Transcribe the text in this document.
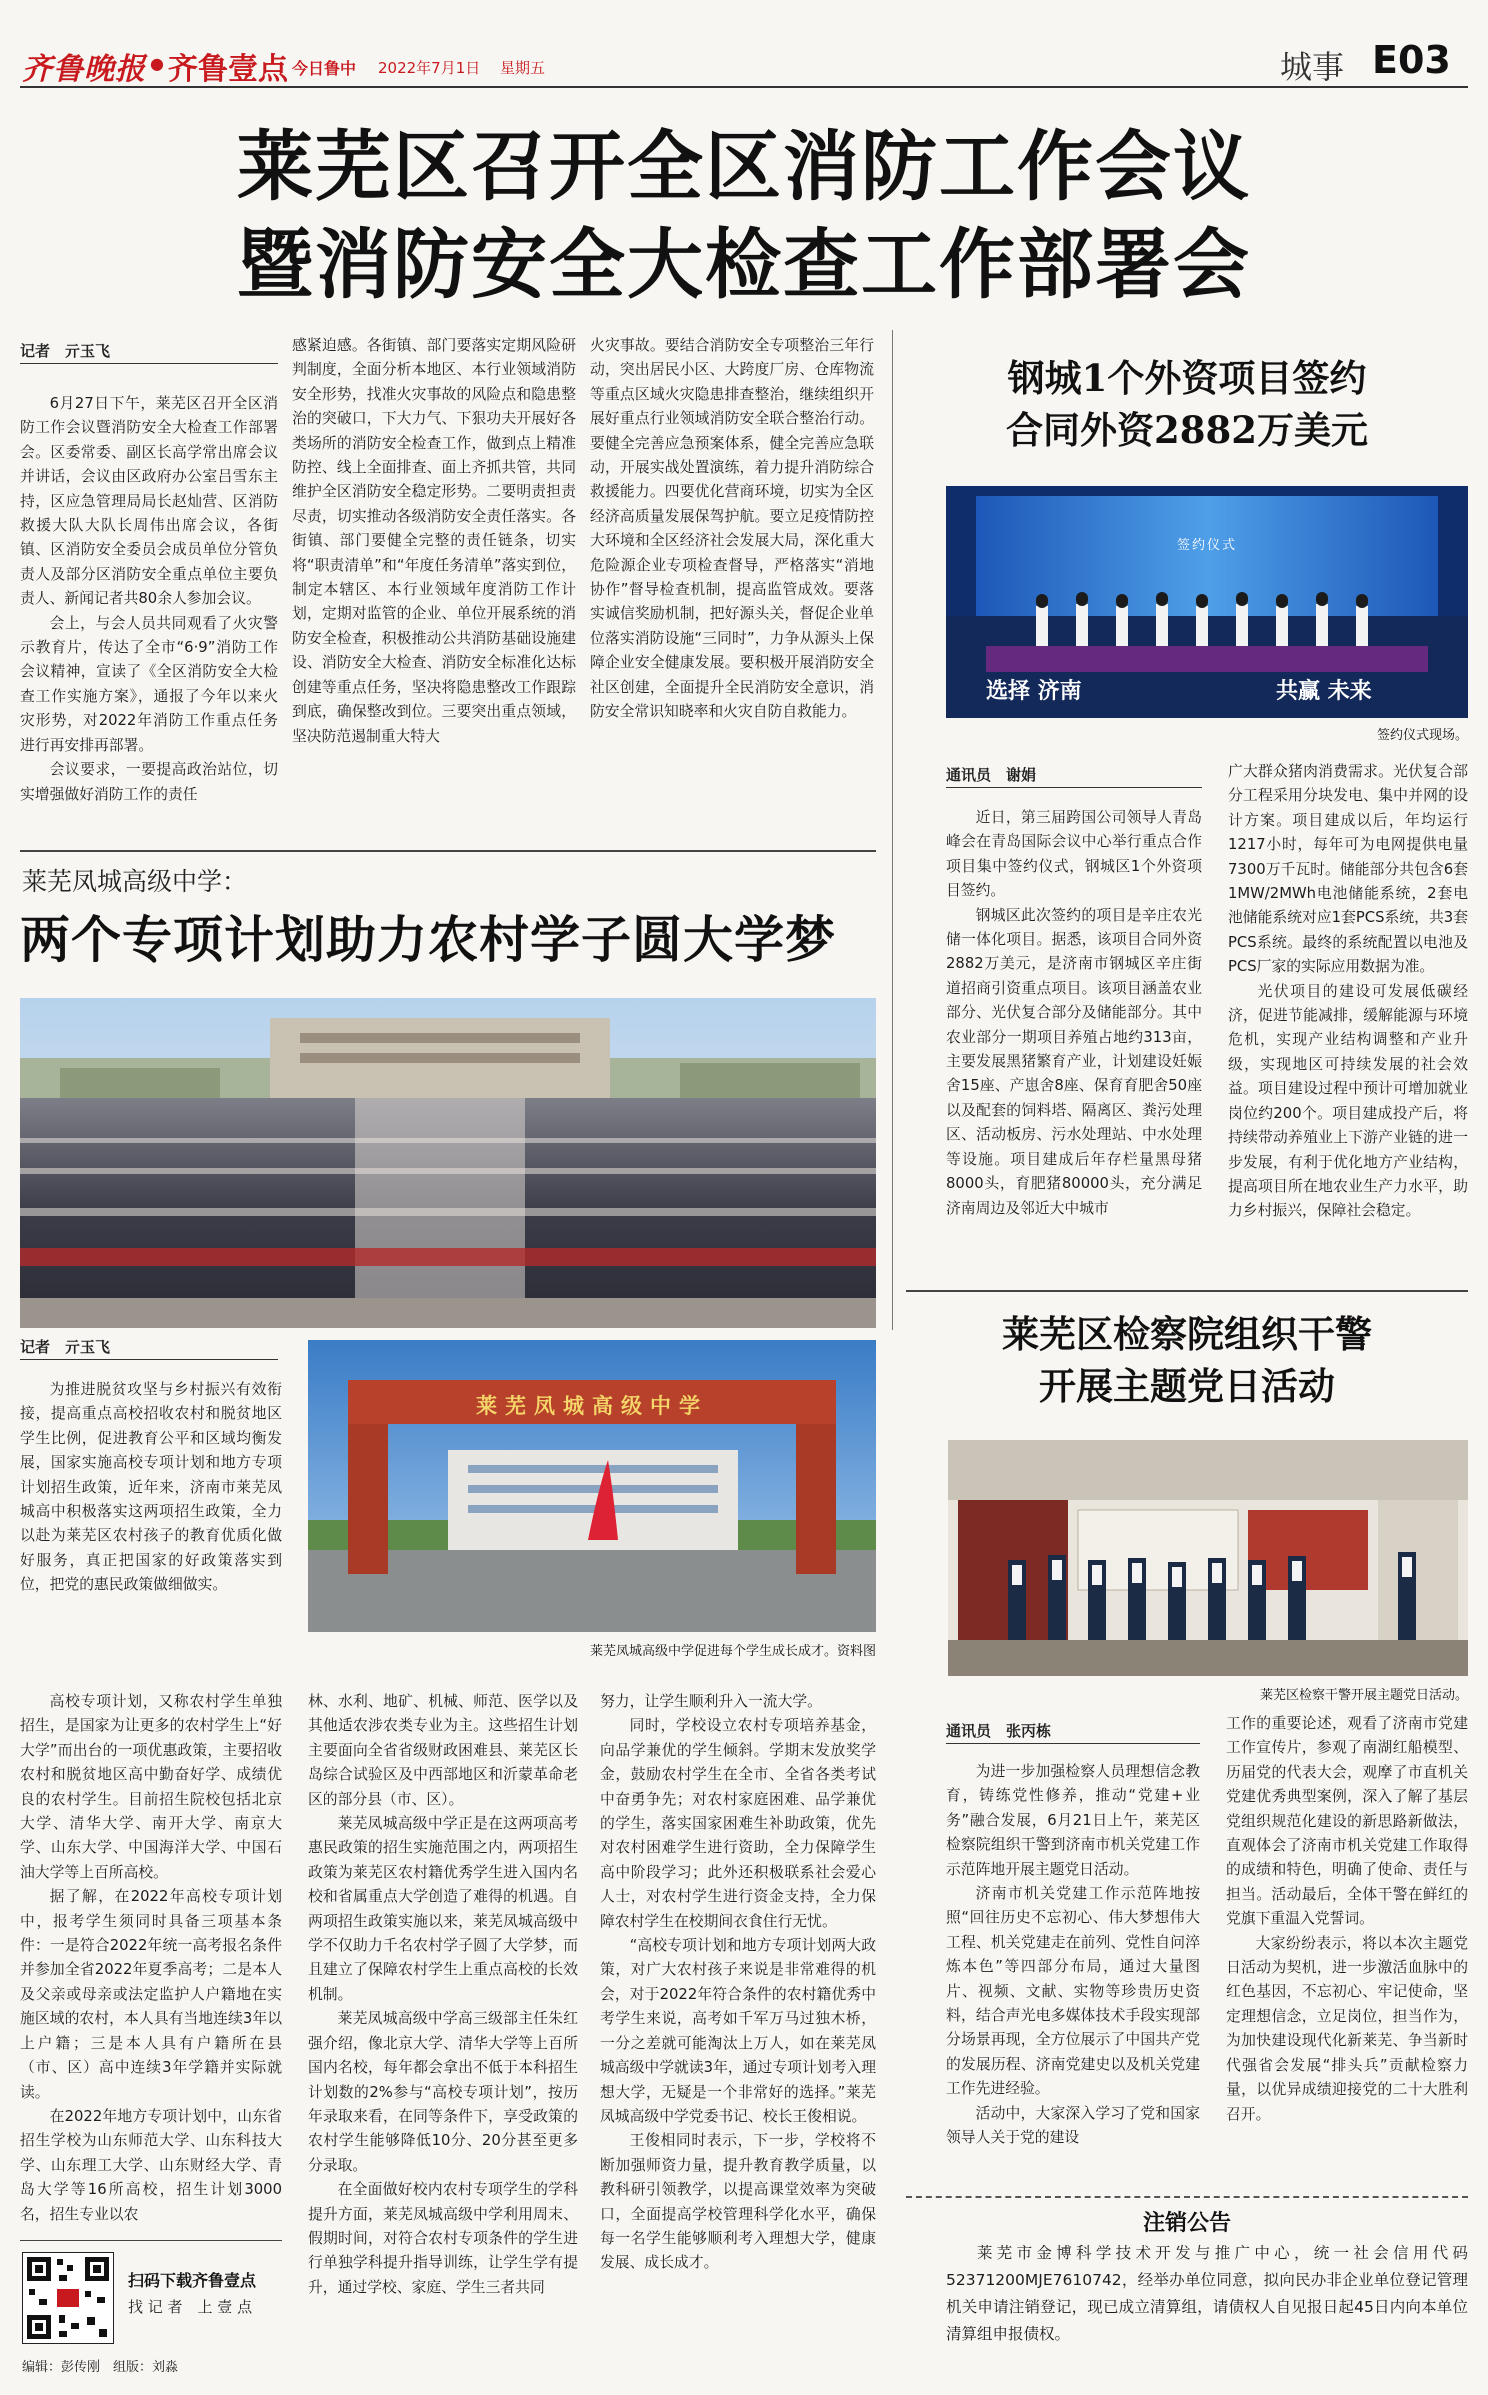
齐鲁晚报 ● 齐鲁壹点 今日鲁中 2022年7月1日 星期五	城事 E03
莱芜区召开全区消防工作会议
暨消防安全大检查工作部署会
记者　亓玉飞

6月27日下午，莱芜区召开全区消防工作会议暨消防安全大检查工作部署会。区委常委、副区长高学常出席会议并讲话，会议由区政府办公室吕雪东主持，区应急管理局局长赵灿营、区消防救援大队大队长周伟出席会议，各街镇、区消防安全委员会成员单位分管负责人及部分区消防安全重点单位主要负责人、新闻记者共80余人参加会议。

会上，与会人员共同观看了火灾警示教育片，传达了全市“6·9”消防工作会议精神，宣读了《全区消防安全大检查工作实施方案》，通报了今年以来火灾形势，对2022年消防工作重点任务进行再安排再部署。

会议要求，一要提高政治站位，切实增强做好消防工作的责任

感紧迫感。各街镇、部门要落实定期风险研判制度，全面分析本地区、本行业领域消防安全形势，找准火灾事故的风险点和隐患整治的突破口，下大力气、下狠功夫开展好各类场所的消防安全检查工作，做到点上精准防控、线上全面排查、面上齐抓共管，共同维护全区消防安全稳定形势。二要明责担责尽责，切实推动各级消防安全责任落实。各街镇、部门要健全完整的责任链条，切实将“职责清单”和“年度任务清单”落实到位，制定本辖区、本行业领域年度消防工作计划，定期对监管的企业、单位开展系统的消防安全检查，积极推动公共消防基础设施建设、消防安全大检查、消防安全标准化达标创建等重点任务，坚决将隐患整改工作跟踪到底，确保整改到位。三要突出重点领域，坚决防范遏制重大特大

火灾事故。要结合消防安全专项整治三年行动，突出居民小区、大跨度厂房、仓库物流等重点区域火灾隐患排查整治，继续组织开展好重点行业领域消防安全联合整治行动。要健全完善应急预案体系，健全完善应急联动，开展实战处置演练，着力提升消防综合救援能力。四要优化营商环境，切实为全区经济高质量发展保驾护航。要立足疫情防控大环境和全区经济社会发展大局，深化重大危险源企业专项检查督导，严格落实“消地协作”督导检查机制，提高监管成效。要落实诚信奖励机制，把好源头关，督促企业单位落实消防设施“三同时”，力争从源头上保障企业安全健康发展。要积极开展消防安全社区创建，全面提升全民消防安全意识，消防安全常识知晓率和火灾自防自救能力。

莱芜凤城高级中学：
两个专项计划助力农村学子圆大学梦
记者　亓玉飞
莱芜凤城高级中学
莱芜凤城高级中学促进每个学生成长成才。资料图

为推进脱贫攻坚与乡村振兴有效衔接，提高重点高校招收农村和脱贫地区学生比例，促进教育公平和区域均衡发展，国家实施高校专项计划和地方专项计划招生政策，近年来，济南市莱芜凤城高中积极落实这两项招生政策，全力以赴为莱芜区农村孩子的教育优质化做好服务，真正把国家的好政策落实到位，把党的惠民政策做细做实。

高校专项计划，又称农村学生单独招生，是国家为让更多的农村学生上“好大学”而出台的一项优惠政策，主要招收农村和脱贫地区高中勤奋好学、成绩优良的农村学生。目前招生院校包括北京大学、清华大学、南开大学、南京大学、山东大学、中国海洋大学、中国石油大学等上百所高校。

据了解，在2022年高校专项计划中，报考学生须同时具备三项基本条件：一是符合2022年统一高考报名条件并参加全省2022年夏季高考；二是本人及父亲或母亲或法定监护人户籍地在实施区域的农村，本人具有当地连续3年以上户籍；三是本人具有户籍所在县（市、区）高中连续3年学籍并实际就读。

在2022年地方专项计划中，山东省招生学校为山东师范大学、山东科技大学、山东理工大学、山东财经大学、青岛大学等16所高校，招生计划3000名，招生专业以农

林、水利、地矿、机械、师范、医学以及其他适农涉农类专业为主。这些招生计划主要面向全省省级财政困难县、莱芜区长岛综合试验区及中西部地区和沂蒙革命老区的部分县（市、区）。

莱芜凤城高级中学正是在这两项高考惠民政策的招生实施范围之内，两项招生政策为莱芜区农村籍优秀学生进入国内名校和省属重点大学创造了难得的机遇。自两项招生政策实施以来，莱芜凤城高级中学不仅助力千名农村学子圆了大学梦，而且建立了保障农村学生上重点高校的长效机制。

莱芜凤城高级中学高三级部主任朱红强介绍，像北京大学、清华大学等上百所国内名校，每年都会拿出不低于本科招生计划数的2%参与“高校专项计划”，按历年录取来看，在同等条件下，享受政策的农村学生能够降低10分、20分甚至更多分录取。

在全面做好校内农村专项学生的学科提升方面，莱芜凤城高级中学利用周末、假期时间，对符合农村专项条件的学生进行单独学科提升指导训练，让学生学有提升，通过学校、家庭、学生三者共同

努力，让学生顺利升入一流大学。

同时，学校设立农村专项培养基金，向品学兼优的学生倾斜。学期末发放奖学金，鼓励农村学生在全市、全省各类考试中奋勇争先；对农村家庭困难、品学兼优的学生，落实国家困难生补助政策，优先对农村困难学生进行资助，全力保障学生高中阶段学习；此外还积极联系社会爱心人士，对农村学生进行资金支持，全力保障农村学生在校期间衣食住行无忧。

“高校专项计划和地方专项计划两大政策，对广大农村孩子来说是非常难得的机会，对于2022年符合条件的农村籍优秀中考学生来说，高考如千军万马过独木桥，一分之差就可能淘汰上万人，如在莱芜凤城高级中学就读3年，通过专项计划考入理想大学，无疑是一个非常好的选择。”莱芜凤城高级中学党委书记、校长王俊相说。

王俊相同时表示，下一步，学校将不断加强师资力量，提升教育教学质量，以教科研引领教学，以提高课堂效率为突破口，全面提高学校管理科学化水平，确保每一名学生能够顺利考入理想大学，健康发展、成长成才。

扫码下载齐鲁壹点
找 记 者　上 壹 点
编辑：彭传刚　组版：刘淼
钢城1个外资项目签约
合同外资2882万美元
签约仪式
选择 济南	共赢 未来
签约仪式现场。
通讯员　谢娟

近日，第三届跨国公司领导人青岛峰会在青岛国际会议中心举行重点合作项目集中签约仪式，钢城区1个外资项目签约。

钢城区此次签约的项目是辛庄农光储一体化项目。据悉，该项目合同外资2882万美元，是济南市钢城区辛庄街道招商引资重点项目。该项目涵盖农业部分、光伏复合部分及储能部分。其中农业部分一期项目养殖占地约313亩，主要发展黑猪繁育产业，计划建设妊娠舍15座、产崽舍8座、保育育肥舍50座以及配套的饲料塔、隔离区、粪污处理区、活动板房、污水处理站、中水处理等设施。项目建成后年存栏量黑母猪8000头，育肥猪80000头，充分满足济南周边及邻近大中城市

广大群众猪肉消费需求。光伏复合部分工程采用分块发电、集中并网的设计方案。项目建成以后，年均运行1217小时，每年可为电网提供电量7300万千瓦时。储能部分共包含6套1MW/2MWh电池储能系统，2套电池储能系统对应1套PCS系统，共3套PCS系统。最终的系统配置以电池及PCS厂家的实际应用数据为准。

光伏项目的建设可发展低碳经济，促进节能减排，缓解能源与环境危机，实现产业结构调整和产业升级，实现地区可持续发展的社会效益。项目建设过程中预计可增加就业岗位约200个。项目建成投产后，将持续带动养殖业上下游产业链的进一步发展，有利于优化地方产业结构，提高项目所在地农业生产力水平，助力乡村振兴，保障社会稳定。

莱芜区检察院组织干警
开展主题党日活动
莱芜区检察干警开展主题党日活动。
通讯员　张丙栋

为进一步加强检察人员理想信念教育，铸练党性修养，推动“党建+业务”融合发展，6月21日上午，莱芜区检察院组织干警到济南市机关党建工作示范阵地开展主题党日活动。

济南市机关党建工作示范阵地按照“回往历史不忘初心、伟大梦想伟大工程、机关党建走在前列、党性自问淬炼本色”等四部分布局，通过大量图片、视频、文献、实物等珍贵历史资料，结合声光电多媒体技术手段实现部分场景再现，全方位展示了中国共产党的发展历程、济南党建史以及机关党建工作先进经验。

活动中，大家深入学习了党和国家领导人关于党的建设

工作的重要论述，观看了济南市党建工作宣传片，参观了南湖红船模型、历届党的代表大会，观摩了市直机关党建优秀典型案例，深入了解了基层党组织规范化建设的新思路新做法，直观体会了济南市机关党建工作取得的成绩和特色，明确了使命、责任与担当。活动最后，全体干警在鲜红的党旗下重温入党誓词。

大家纷纷表示，将以本次主题党日活动为契机，进一步激活血脉中的红色基因，不忘初心、牢记使命，坚定理想信念，立足岗位，担当作为，为加快建设现代化新莱芜、争当新时代强省会发展“排头兵”贡献检察力量，以优异成绩迎接党的二十大胜利召开。

注销公告

莱芜市金博科学技术开发与推广中心，统一社会信用代码52371200MJE7610742，经举办单位同意，拟向民办非企业单位登记管理机关申请注销登记，现已成立清算组，请债权人自见报日起45日内向本单位清算组申报债权。
